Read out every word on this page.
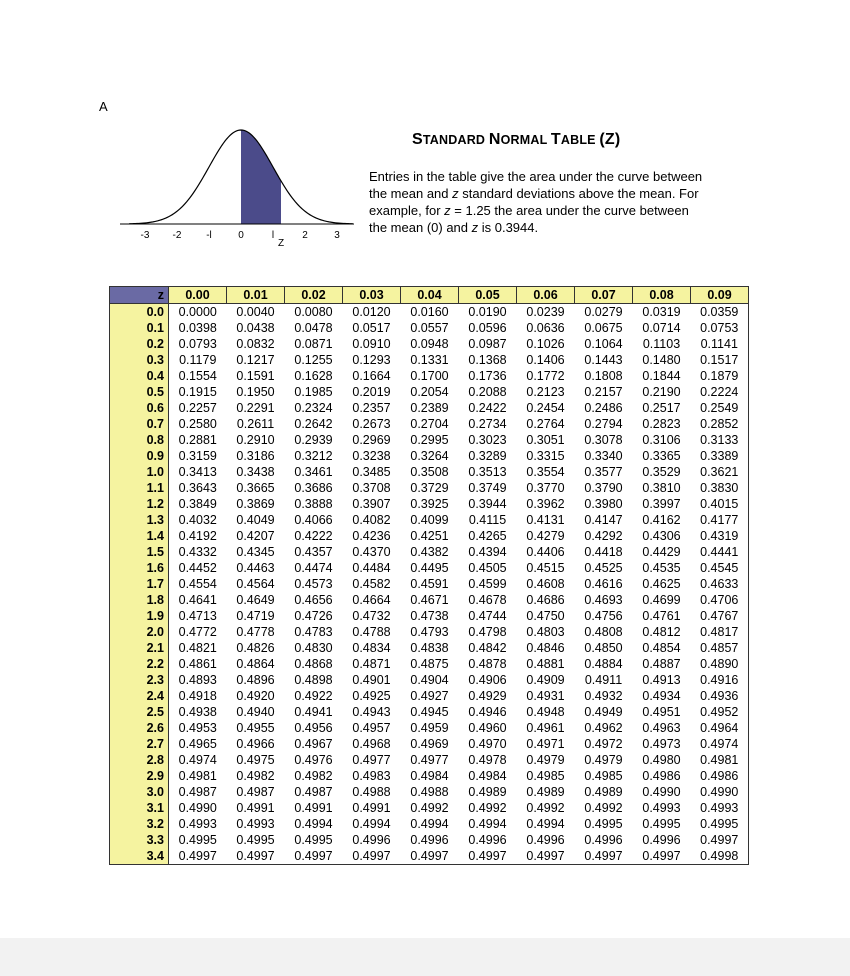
A
-3 -2 -l	0	l	2	3
Z
STANDARD NORMAL TABLE (Z)
Entries in the table give the area under the curve between the mean and z standard deviations above the mean. For example, for z = 1.25 the area under the curve between the mean (0) and z is 0.3944.
z	0.00	0.01	0.02	0.03	0.04	0.05	0.06	0.07	0.08	0.09
0.0	0.0000	0.0040	0.0080	0.0120	0.0160	0.0190	0.0239	0.0279	0.0319	0.0359
0.1	0.0398	0.0438	0.0478	0.0517	0.0557	0.0596	0.0636	0.0675	0.0714	0.0753
0.2	0.0793	0.0832	0.0871	0.0910	0.0948	0.0987	0.1026	0.1064	0.1103	0.1141
0.3	0.1179	0.1217	0.1255	0.1293	0.1331	0.1368	0.1406	0.1443	0.1480	0.1517
0.4	0.1554	0.1591	0.1628	0.1664	0.1700	0.1736	0.1772	0.1808	0.1844	0.1879
0.5	0.1915	0.1950	0.1985	0.2019	0.2054	0.2088	0.2123	0.2157	0.2190	0.2224
0.6	0.2257	0.2291	0.2324	0.2357	0.2389	0.2422	0.2454	0.2486	0.2517	0.2549
0.7	0.2580	0.2611	0.2642	0.2673	0.2704	0.2734	0.2764	0.2794	0.2823	0.2852
0.8	0.2881	0.2910	0.2939	0.2969	0.2995	0.3023	0.3051	0.3078	0.3106	0.3133
0.9	0.3159	0.3186	0.3212	0.3238	0.3264	0.3289	0.3315	0.3340	0.3365	0.3389
1.0	0.3413	0.3438	0.3461	0.3485	0.3508	0.3513	0.3554	0.3577	0.3529	0.3621
1.1	0.3643	0.3665	0.3686	0.3708	0.3729	0.3749	0.3770	0.3790	0.3810	0.3830
1.2	0.3849	0.3869	0.3888	0.3907	0.3925	0.3944	0.3962	0.3980	0.3997	0.4015
1.3	0.4032	0.4049	0.4066	0.4082	0.4099	0.4115	0.4131	0.4147	0.4162	0.4177
1.4	0.4192	0.4207	0.4222	0.4236	0.4251	0.4265	0.4279	0.4292	0.4306	0.4319
1.5	0.4332	0.4345	0.4357	0.4370	0.4382	0.4394	0.4406	0.4418	0.4429	0.4441
1.6	0.4452	0.4463	0.4474	0.4484	0.4495	0.4505	0.4515	0.4525	0.4535	0.4545
1.7	0.4554	0.4564	0.4573	0.4582	0.4591	0.4599	0.4608	0.4616	0.4625	0.4633
1.8	0.4641	0.4649	0.4656	0.4664	0.4671	0.4678	0.4686	0.4693	0.4699	0.4706
1.9	0.4713	0.4719	0.4726	0.4732	0.4738	0.4744	0.4750	0.4756	0.4761	0.4767
2.0	0.4772	0.4778	0.4783	0.4788	0.4793	0.4798	0.4803	0.4808	0.4812	0.4817
2.1	0.4821	0.4826	0.4830	0.4834	0.4838	0.4842	0.4846	0.4850	0.4854	0.4857
2.2	0.4861	0.4864	0.4868	0.4871	0.4875	0.4878	0.4881	0.4884	0.4887	0.4890
2.3	0.4893	0.4896	0.4898	0.4901	0.4904	0.4906	0.4909	0.4911	0.4913	0.4916
2.4	0.4918	0.4920	0.4922	0.4925	0.4927	0.4929	0.4931	0.4932	0.4934	0.4936
2.5	0.4938	0.4940	0.4941	0.4943	0.4945	0.4946	0.4948	0.4949	0.4951	0.4952
2.6	0.4953	0.4955	0.4956	0.4957	0.4959	0.4960	0.4961	0.4962	0.4963	0.4964
2.7	0.4965	0.4966	0.4967	0.4968	0.4969	0.4970	0.4971	0.4972	0.4973	0.4974
2.8	0.4974	0.4975	0.4976	0.4977	0.4977	0.4978	0.4979	0.4979	0.4980	0.4981
2.9	0.4981	0.4982	0.4982	0.4983	0.4984	0.4984	0.4985	0.4985	0.4986	0.4986
3.0	0.4987	0.4987	0.4987	0.4988	0.4988	0.4989	0.4989	0.4989	0.4990	0.4990
3.1	0.4990	0.4991	0.4991	0.4991	0.4992	0.4992	0.4992	0.4992	0.4993	0.4993
3.2	0.4993	0.4993	0.4994	0.4994	0.4994	0.4994	0.4994	0.4995	0.4995	0.4995
3.3	0.4995	0.4995	0.4995	0.4996	0.4996	0.4996	0.4996	0.4996	0.4996	0.4997
3.4	0.4997	0.4997	0.4997	0.4997	0.4997	0.4997	0.4997	0.4997	0.4997	0.4998
